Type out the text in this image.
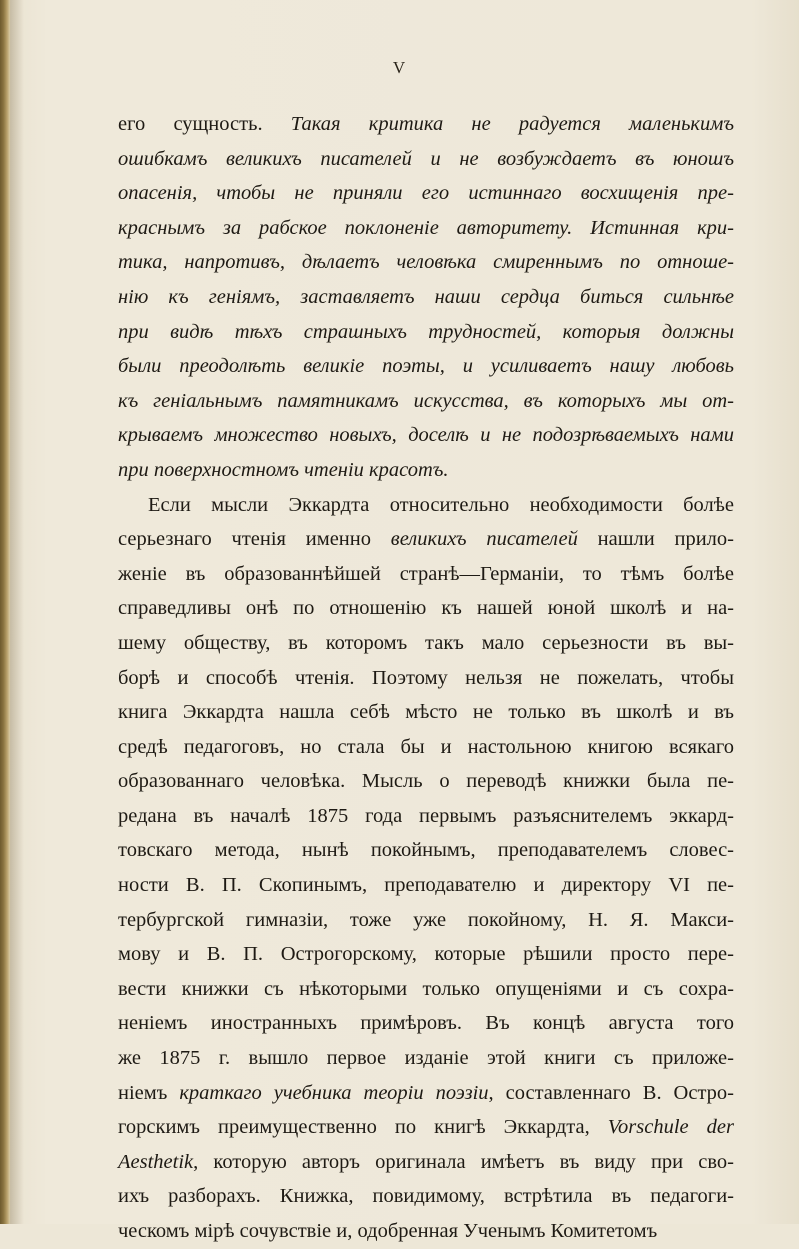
V
его сущность. Такая критика не радуется маленькимъ
ошибкамъ великихъ писателей и не возбуждаетъ въ юношъ
опасенія, чтобы не приняли его истиннаго восхищенія пре-
краснымъ за рабское поклоненіе авторитету. Истинная кри-
тика, напротивъ, дѣлаетъ человѣка смиреннымъ по отноше-
нію къ геніямъ, заставляетъ наши сердца биться сильнѣе
при видѣ тѣхъ страшныхъ трудностей, которыя должны
были преодолѣть великіе поэты, и усиливаетъ нашу любовь
къ геніальнымъ памятникамъ искусства, въ которыхъ мы от-
крываемъ множество новыхъ, доселѣ и не подозрѣваемыхъ нами
при поверхностномъ чтеніи красотъ.
Если мысли Эккардта относительно необходимости болѣе
серьезнаго чтенія именно великихъ писателей нашли прило-
женіе въ образованнѣйшей странѣ—Германіи, то тѣмъ болѣе
справедливы онѣ по отношенію къ нашей юной школѣ и на-
шему обществу, въ которомъ такъ мало серьезности въ вы-
борѣ и способѣ чтенія. Поэтому нельзя не пожелать, чтобы
книга Эккардта нашла себѣ мѣсто не только въ школѣ и въ
средѣ педагоговъ, но стала бы и настольною книгою всякаго
образованнаго человѣка. Мысль о переводѣ книжки была пе-
редана въ началѣ 1875 года первымъ разъяснителемъ эккард-
товскаго метода, нынѣ покойнымъ, преподавателемъ словес-
ности В. П. Скопинымъ, преподавателю и директору VI пе-
тербургской гимназіи, тоже уже покойному, Н. Я. Макси-
мову и В. П. Острогорскому, которые рѣшили просто пере-
вести книжки съ нѣкоторыми только опущеніями и съ сохра-
неніемъ иностранныхъ примѣровъ. Въ концѣ августа того
же 1875 г. вышло первое изданіе этой книги съ приложе-
ніемъ краткаго учебника теоріи поэзіи, составленнаго В. Остро-
горскимъ преимущественно по книгѣ Эккардта, Vorschule der
Aesthetik, которую авторъ оригинала имѣетъ въ виду при сво-
ихъ разборахъ. Книжка, повидимому, встрѣтила въ педагоги-
ческомъ мірѣ сочувствіе и, одобренная Ученымъ Комитетомъ
